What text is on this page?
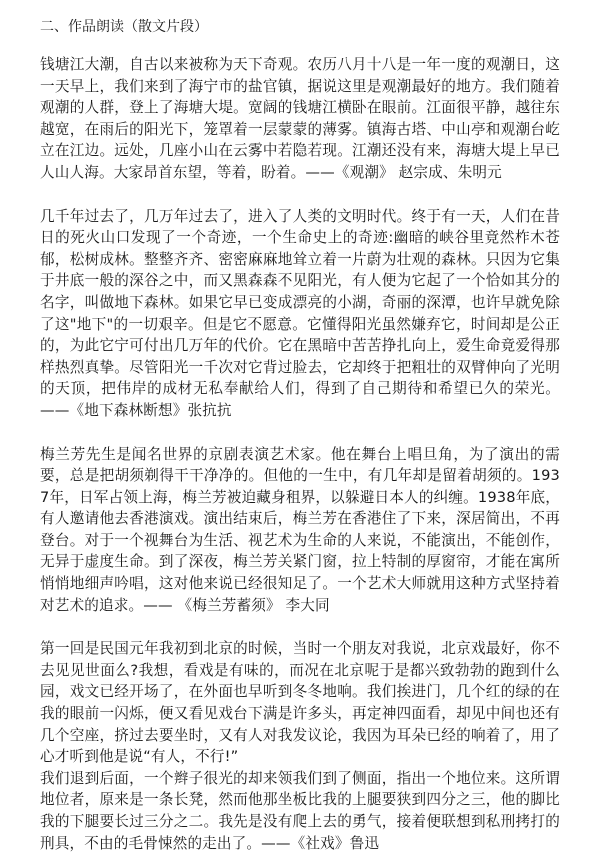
二、作品朗读（散文片段）

钱塘江大潮，自古以来被称为天下奇观。农历八月十八是一年一度的观潮日，这一天早上，我们来到了海宁市的盐官镇，据说这里是观潮最好的地方。我们随着观潮的人群，登上了海塘大堤。宽阔的钱塘江横卧在眼前。江面很平静，越往东越宽，在雨后的阳光下，笼罩着一层蒙蒙的薄雾。镇海古塔、中山亭和观潮台屹立在江边。远处，几座小山在云雾中若隐若现。江潮还没有来，海塘大堤上早已人山人海。大家昂首东望，等着，盼着。——《观潮》 赵宗成、朱明元

几千年过去了，几万年过去了，进入了人类的文明时代。终于有一天，人们在昔日的死火山口发现了一个奇迹，一个生命史上的奇迹:幽暗的峡谷里竟然柞木苍郁，松树成林。整整齐齐、密密麻麻地耸立着一片蔚为壮观的森林。只因为它集于井底一般的深谷之中，而又黑森森不见阳光，有人便为它起了一个恰如其分的名字，叫做地下森林。如果它早已变成漂亮的小湖，奇丽的深潭，也许早就免除了这"地下"的一切艰辛。但是它不愿意。它懂得阳光虽然嫌弃它，时间却是公正的，为此它宁可付出几万年的代价。它在黑暗中苦苦挣扎向上，爱生命竟爱得那样热烈真挚。尽管阳光一千次对它背过脸去，它却终于把粗壮的双臂伸向了光明的天顶，把伟岸的成材无私奉献给人们，得到了自己期待和希望已久的荣光。——《地下森林断想》张抗抗

梅兰芳先生是闻名世界的京剧表演艺术家。他在舞台上唱旦角，为了演出的需要，总是把胡须剃得干干净净的。但他的一生中，有几年却是留着胡须的。1937年，日军占领上海，梅兰芳被迫藏身租界，以躲避日本人的纠缠。1938年底，有人邀请他去香港演戏。演出结束后，梅兰芳在香港住了下来，深居简出，不再登台。对于一个视舞台为生活、视艺术为生命的人来说，不能演出，不能创作，无异于虚度生命。到了深夜，梅兰芳关紧门窗，拉上特制的厚窗帘，才能在寓所悄悄地细声吟唱，这对他来说已经很知足了。一个艺术大师就用这种方式坚持着对艺术的追求。—— 《梅兰芳蓄须》 李大同

第一回是民国元年我初到北京的时候，当时一个朋友对我说，北京戏最好，你不去见见世面么?我想，看戏是有味的，而况在北京呢于是都兴致勃勃的跑到什么园，戏文已经开场了，在外面也早听到冬冬地响。我们挨进门，几个红的绿的在我的眼前一闪烁，便又看见戏台下满是许多头，再定神四面看，却见中间也还有几个空座，挤过去要坐时，又有人对我发议论，我因为耳朵已经的响着了，用了心才听到他是说“有人，不行!”

我们退到后面，一个辫子很光的却来领我们到了侧面，指出一个地位来。这所谓地位者，原来是一条长凳，然而他那坐板比我的上腿要狭到四分之三，他的脚比我的下腿要长过三分之二。我先是没有爬上去的勇气，接着便联想到私刑拷打的刑具，不由的毛骨悚然的走出了。——《社戏》鲁迅
